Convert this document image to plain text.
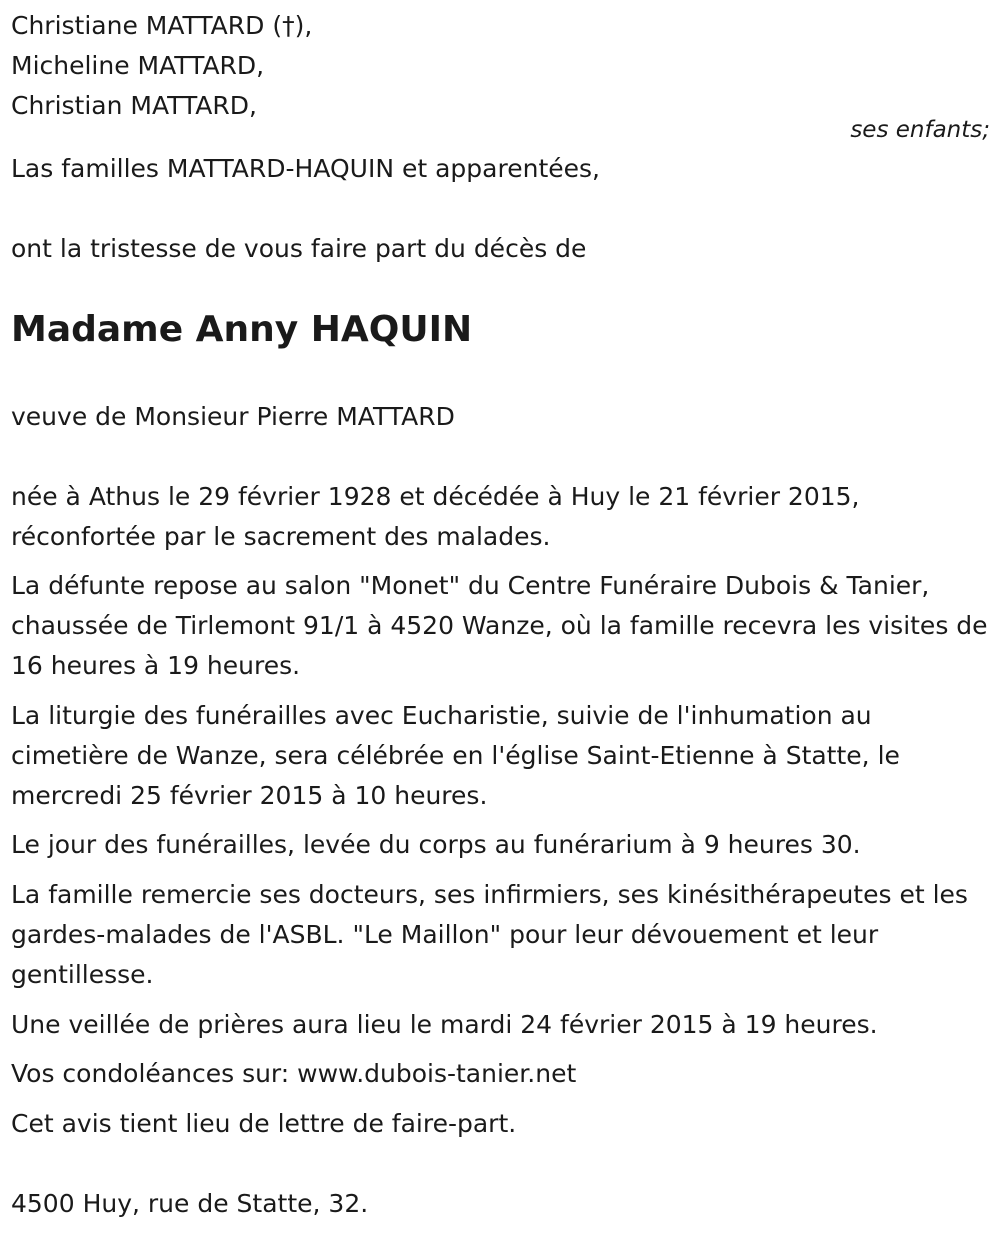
Christiane MATTARD (†),

Micheline MATTARD,

Christian MATTARD,

ses enfants;

Las familles MATTARD-HAQUIN et apparentées,

ont la tristesse de vous faire part du décès de

Madame Anny HAQUIN

veuve de Monsieur Pierre MATTARD

née à Athus le 29 février 1928 et décédée à Huy le 21 février 2015,

réconfortée par le sacrement des malades.

La défunte repose au salon "Monet" du Centre Funéraire Dubois & Tanier, chaussée de Tirlemont 91/1 à 4520 Wanze, où la famille recevra les visites de 16 heures à 19 heures.

La liturgie des funérailles avec Eucharistie, suivie de l'inhumation au cimetière de Wanze, sera célébrée en l'église Saint-Etienne à Statte, le mercredi 25 février 2015 à 10 heures.

Le jour des funérailles, levée du corps au funérarium à 9 heures 30.

La famille remercie ses docteurs, ses infirmiers, ses kinésithérapeutes et les gardes-malades de l'ASBL. "Le Maillon" pour leur dévouement et leur gentillesse.

Une veillée de prières aura lieu le mardi 24 février 2015 à 19 heures.

Vos condoléances sur: www.dubois-tanier.net

Cet avis tient lieu de lettre de faire-part.

4500 Huy, rue de Statte, 32.
